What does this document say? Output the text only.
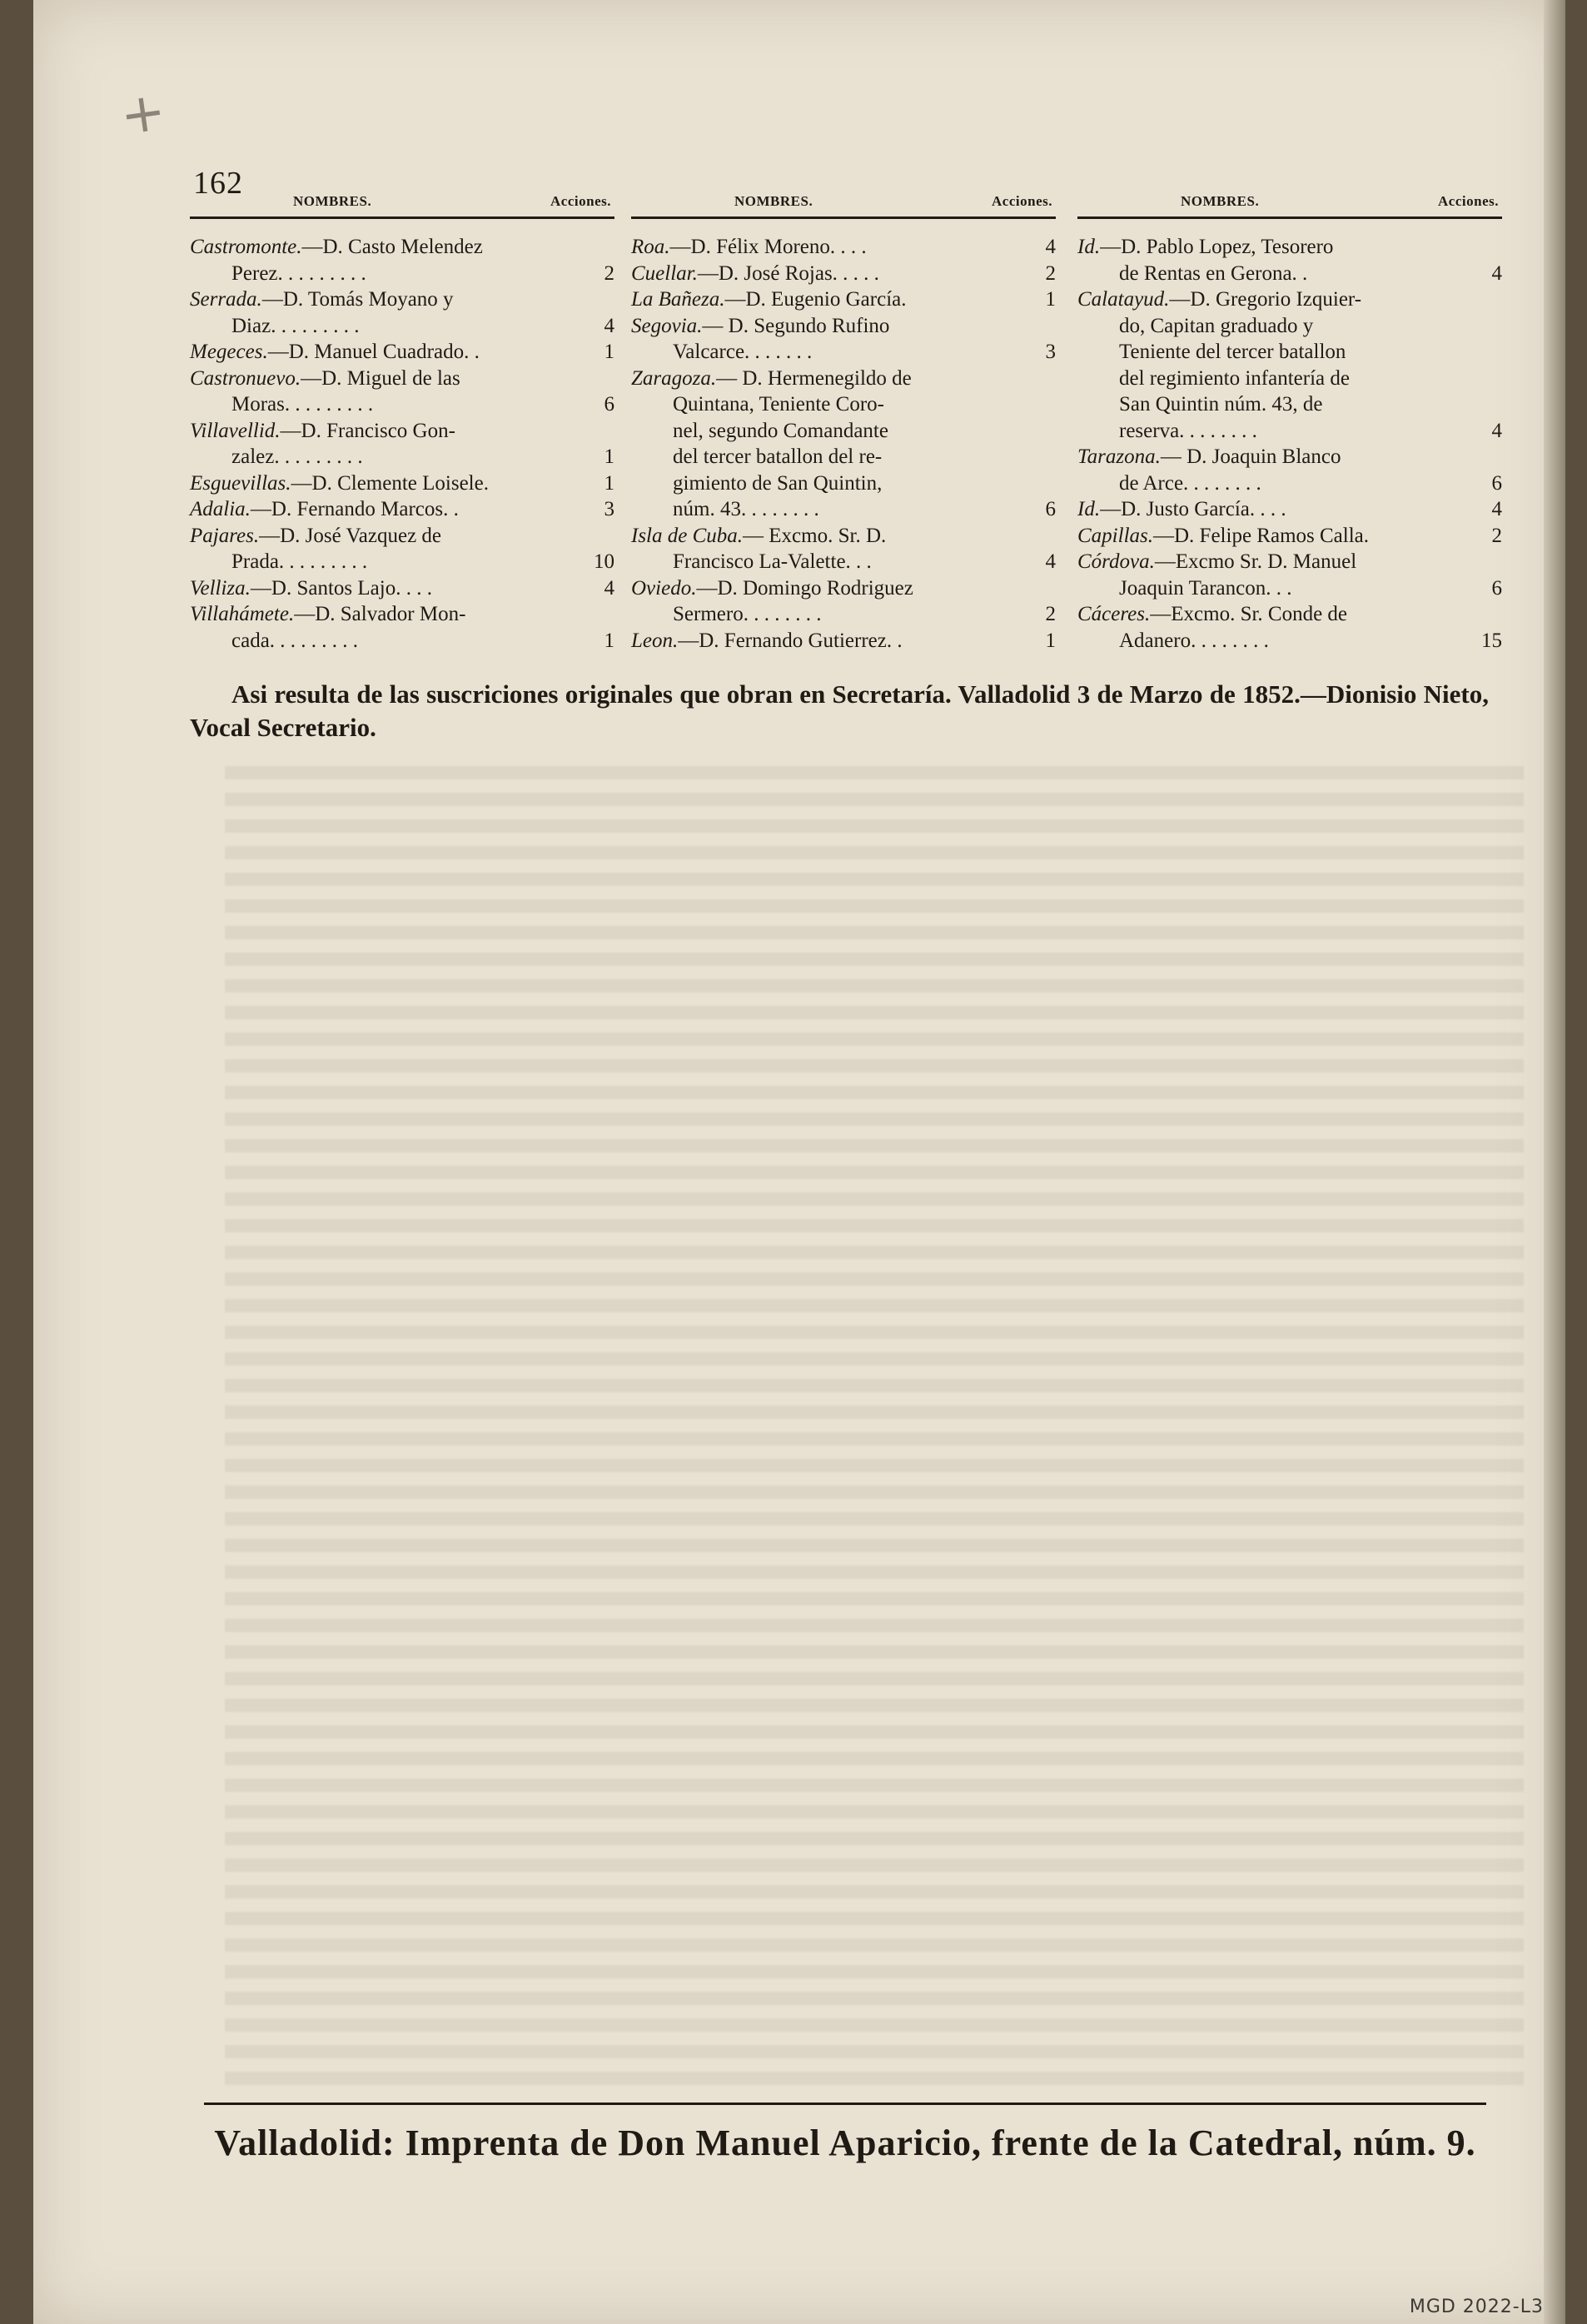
+
162
NOMBRES.	Acciones.
Castromonte.—D. Casto Melendez
Perez. . . . . . . . .	2
Serrada.—D. Tomás Moyano y
Diaz. . . . . . . . .	4
Megeces.—D. Manuel Cuadrado. .	1
Castronuevo.—D. Miguel de las
Moras. . . . . . . . .	6
Villavellid.—D. Francisco Gon-
zalez. . . . . . . . .	1
Esguevillas.—D. Clemente Loisele.	1
Adalia.—D. Fernando Marcos. .	3
Pajares.—D. José Vazquez de
Prada. . . . . . . . .	10
Velliza.—D. Santos Lajo. . . .	4
Villahámete.—D. Salvador Mon-
cada. . . . . . . . .	1
NOMBRES.	Acciones.
Roa.—D. Félix Moreno. . . .	4
Cuellar.—D. José Rojas. . . . .	2
La Bañeza.—D. Eugenio García.	1
Segovia.— D. Segundo Rufino
Valcarce. . . . . . .	3
Zaragoza.— D. Hermenegildo de
Quintana, Teniente Coro-
nel, segundo Comandante
del tercer batallon del re-
gimiento de San Quintin,
núm. 43. . . . . . . .	6
Isla de Cuba.— Excmo. Sr. D.
Francisco La-Valette. . .	4
Oviedo.—D. Domingo Rodriguez
Sermero. . . . . . . .	2
Leon.—D. Fernando Gutierrez. .	1
NOMBRES.	Acciones.
Id.—D. Pablo Lopez, Tesorero
de Rentas en Gerona. .	4
Calatayud.—D. Gregorio Izquier-
do, Capitan graduado y
Teniente del tercer batallon
del regimiento infantería de
San Quintin núm. 43, de
reserva. . . . . . . .	4
Tarazona.— D. Joaquin Blanco
de Arce. . . . . . . .	6
Id.—D. Justo García. . . .	4
Capillas.—D. Felipe Ramos Calla.	2
Córdova.—Excmo Sr. D. Manuel
Joaquin Tarancon. . .	6
Cáceres.—Excmo. Sr. Conde de
Adanero. . . . . . . .	15
Asi resulta de las suscriciones originales que obran en Secretaría. Valladolid 3 de Marzo de 1852.—Dionisio Nieto, Vocal Secretario.
Valladolid: Imprenta de Don Manuel Aparicio, frente de la Catedral, núm. 9.
MGD 2022-L3
